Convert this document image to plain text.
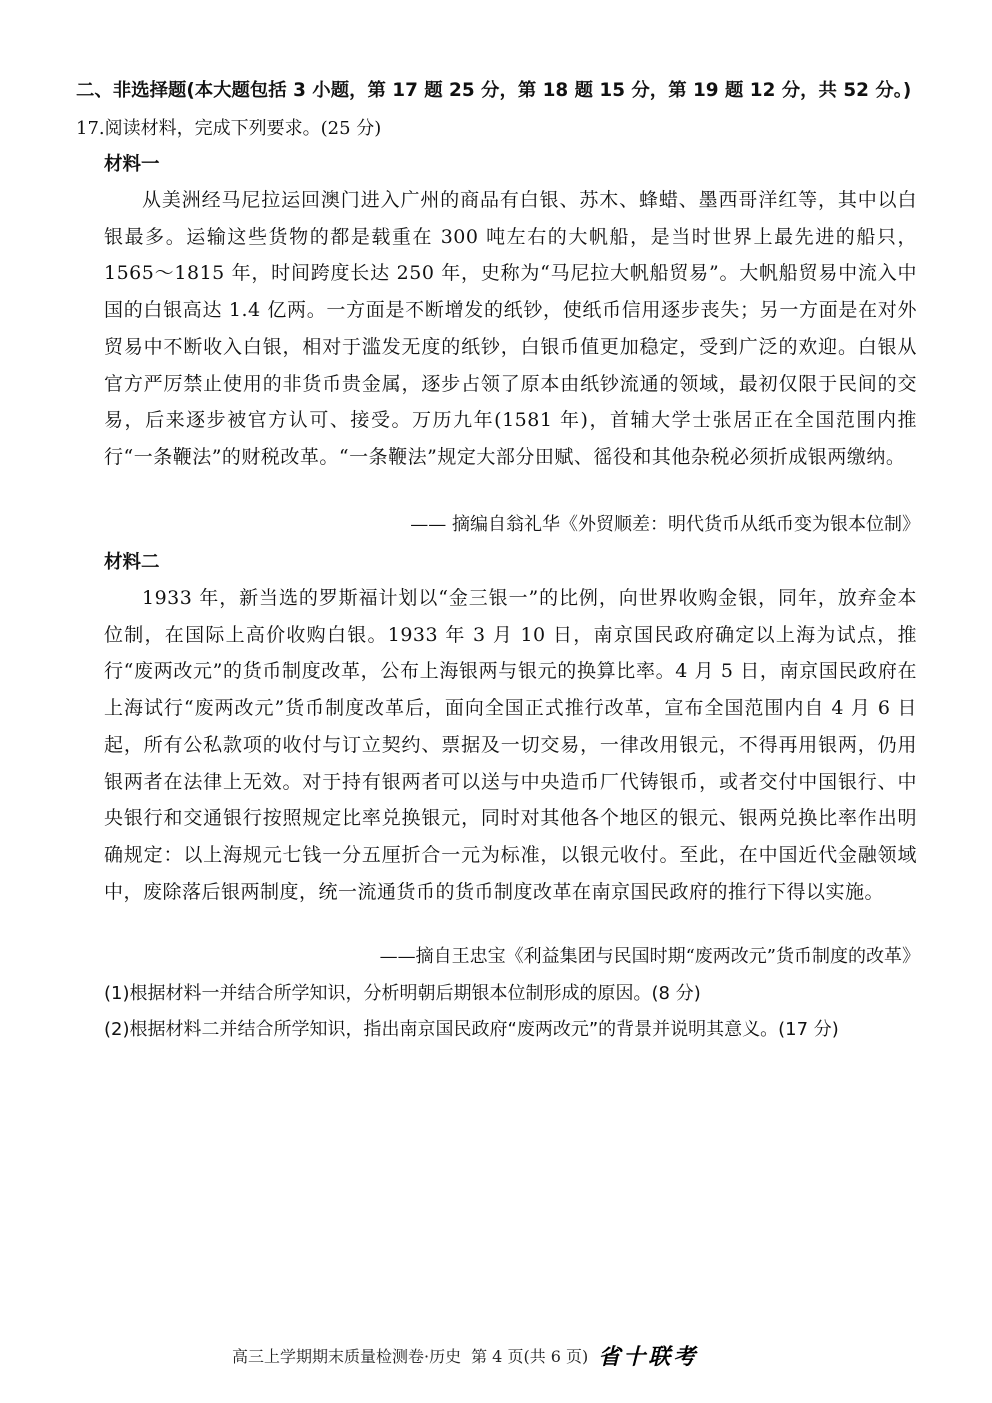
二、非选择题(本大题包括 3 小题，第 17 题 25 分，第 18 题 15 分，第 19 题 12 分，共 52 分。)
17.阅读材料，完成下列要求。(25 分)
材料一

从美洲经马尼拉运回澳门进入广州的商品有白银、苏木、蜂蜡、墨西哥洋红等，其中以白银最多。运输这些货物的都是载重在 300 吨左右的大帆船，是当时世界上最先进的船只，1565～1815 年，时间跨度长达 250 年，史称为“马尼拉大帆船贸易”。大帆船贸易中流入中国的白银高达 1.4 亿两。一方面是不断增发的纸钞，使纸币信用逐步丧失；另一方面是在对外贸易中不断收入白银，相对于滥发无度的纸钞，白银币值更加稳定，受到广泛的欢迎。白银从官方严厉禁止使用的非货币贵金属，逐步占领了原本由纸钞流通的领域，最初仅限于民间的交易，后来逐步被官方认可、接受。万历九年(1581 年)，首辅大学士张居正在全国范围内推行“一条鞭法”的财税改革。“一条鞭法”规定大部分田赋、徭役和其他杂税必须折成银两缴纳。

—— 摘编自翁礼华《外贸顺差：明代货币从纸币变为银本位制》
材料二

1933 年，新当选的罗斯福计划以“金三银一”的比例，向世界收购金银，同年，放弃金本位制，在国际上高价收购白银。1933 年 3 月 10 日，南京国民政府确定以上海为试点，推行“废两改元”的货币制度改革，公布上海银两与银元的换算比率。4 月 5 日，南京国民政府在上海试行“废两改元”货币制度改革后，面向全国正式推行改革，宣布全国范围内自 4 月 6 日起，所有公私款项的收付与订立契约、票据及一切交易，一律改用银元，不得再用银两，仍用银两者在法律上无效。对于持有银两者可以送与中央造币厂代铸银币，或者交付中国银行、中央银行和交通银行按照规定比率兑换银元，同时对其他各个地区的银元、银两兑换比率作出明确规定：以上海规元七钱一分五厘折合一元为标准，以银元收付。至此，在中国近代金融领域中，废除落后银两制度，统一流通货币的货币制度改革在南京国民政府的推行下得以实施。

——摘自王忠宝《利益集团与民国时期“废两改元”货币制度的改革》
(1)根据材料一并结合所学知识，分析明朝后期银本位制形成的原因。(8 分)
(2)根据材料二并结合所学知识，指出南京国民政府“废两改元”的背景并说明其意义。(17 分)
高三上学期期末质量检测卷·历史 第 4 页(共 6 页) 省十联考
